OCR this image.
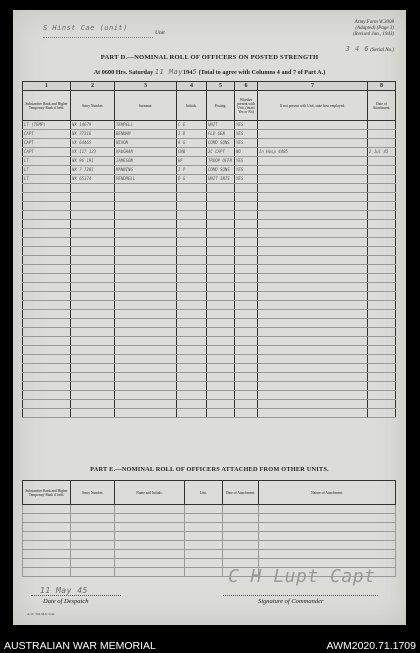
S Hinst Cae (unit)
Unit
Army Form W.3008
(Adapted) (Page 3)
(Revised Jan., 1943)
3 4 6 (Serial No.)
PART D.—NOMINAL ROLL OF OFFICERS ON POSTED STRENGTH
At 0600 Hrs. Saturday 11 May1945 (Total to agree with Columns 4 and 7 of Part A.)
1	2	3	4	5	6	7	8
Substantive Rank and Higher Temporary Rank if held.	Army Number.	Surname.	Initials.	Posting.	Whether present with Unit. (insert Yes or No)	If not present with Unit, state how employed.	Date of Attachment.
LT (TEMP)	NX 14679	TEMPELL	C E	UNIT	YES		
CAPT	NX 77316	BENNAM	J D	FLD GEN	YES		
CAPT	VX 64465	NIXON	A G	COMD SQNS	YES		
CAPT	VX 117 123	VAUGHAN	CWB	2C CAPT	NO	In Hosp 4405	2 Jul 45
LT	NX 96 191	JAMESON	HF	TROOP OFFR	YES		
LT	NX 7 7201	MANNING	J P	COMD SQNS	YES		
LT	NX 65174	PENDRELL	D G	UNIT INTS	YES		

PART E.—NOMINAL ROLL OF OFFICERS ATTACHED FROM OTHER UNITS.
Substantive Rank and Higher Temporary Rank if held.	Army Number.	Name and Initials.	Unit.	Date of Attachment.	Nature of Attachment.

11 May 45
Date of Despatch
C H Lupt Capt
Signature of Commander
A.W. 304 Mdr 1/44
AUSTRALIAN WAR MEMORIAL	AWM2020.71.1709
